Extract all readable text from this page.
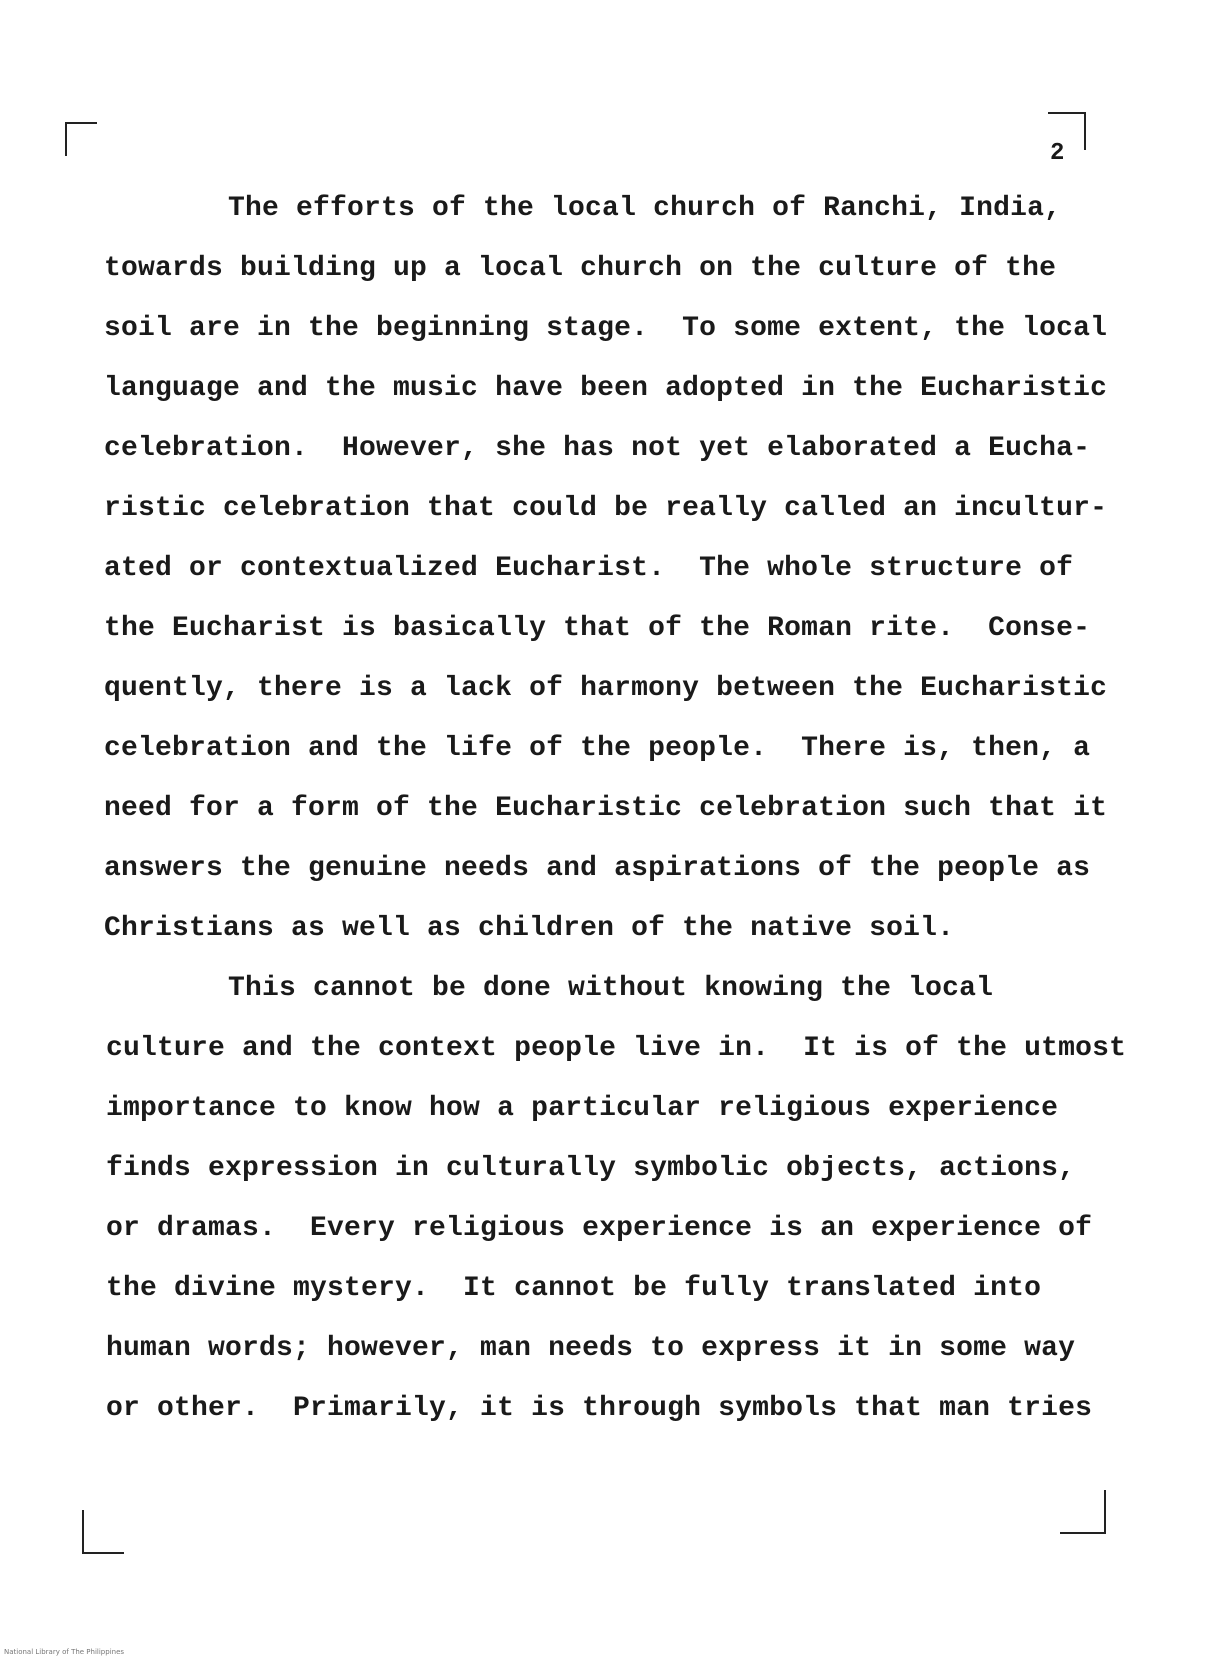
2
The efforts of the local church of Ranchi, India,
towards building up a local church on the culture of the
soil are in the beginning stage.  To some extent, the local
language and the music have been adopted in the Eucharistic
celebration.  However, she has not yet elaborated a Eucha-
ristic celebration that could be really called an incultur-
ated or contextualized Eucharist.  The whole structure of
the Eucharist is basically that of the Roman rite.  Conse-
quently, there is a lack of harmony between the Eucharistic
celebration and the life of the people.  There is, then, a
need for a form of the Eucharistic celebration such that it
answers the genuine needs and aspirations of the people as
Christians as well as children of the native soil.
This cannot be done without knowing the local
culture and the context people live in.  It is of the utmost
importance to know how a particular religious experience
finds expression in culturally symbolic objects, actions,
or dramas.  Every religious experience is an experience of
the divine mystery.  It cannot be fully translated into
human words; however, man needs to express it in some way
or other.  Primarily, it is through symbols that man tries
National Library of The Philippines
